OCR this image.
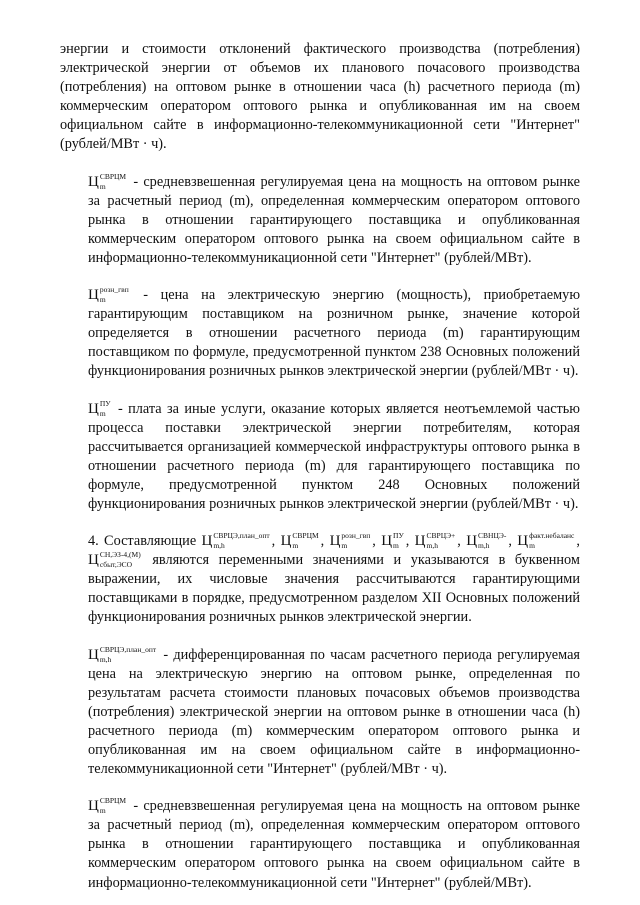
энергии и стоимости отклонений фактического производства (потребления) электрической энергии от объемов их планового почасового производства (потребления) на оптовом рынке в отношении часа (h) расчетного периода (m) коммерческим оператором оптового рынка и опубликованная им на своем официальном сайте в информационно-телекоммуникационной сети "Интернет" (рублей/МВт · ч).

Ц СВРЦМ
m	- средневзвешенная регулируемая цена на мощность на оптовом рынке за расчетный период (m), определенная коммерческим оператором оптового рынка в отношении гарантирующего поставщика и опубликованная коммерческим оператором оптового рынка на своем официальном сайте в информационно-телекоммуникационной сети "Интернет" (рублей/МВт).

Ц розн_гвп
m	- цена на электрическую энергию (мощность), приобретаемую гарантирующим поставщиком на розничном рынке, значение которой определяется в отношении расчетного периода (m) гарантирующим поставщиком по формуле, предусмотренной пунктом 238 Основных положений функционирования розничных рынков электрической энергии (рублей/МВт · ч).

Ц ПУ
m - плата за иные услуги, оказание которых является неотъемлемой частью процесса поставки электрической энергии потребителям, которая рассчитывается организацией коммерческой инфраструктуры оптового рынка в отношении расчетного периода (m) для гарантирующего поставщика по формуле, предусмотренной пунктом 248 Основных положений функционирования розничных рынков электрической энергии (рублей/МВт · ч).

4. Составляющие Ц СВРЦЭ,план_опт
m,h	, Ц СВРЦМ
m	, Ц розн_гвп
m	, Ц ПУ
m , Ц СВРЦЭ+
m,h	, Ц СВНЦЭ-
m,h	, Ц факт.небаланс
m	, Ц СН,ЭЗ-4,(М)
сбыт,ЭСО являются переменными значениями и указываются в буквенном выражении, их числовые значения рассчитываются гарантирующими поставщиками в порядке, предусмотренном разделом XII Основных положений функционирования розничных рынков электрической энергии.

Ц СВРЦЭ,план_опт
m,h	- дифференцированная по часам расчетного периода регулируемая цена на электрическую энергию на оптовом рынке, определенная по результатам расчета стоимости плановых почасовых объемов производства (потребления) электрической энергии на оптовом рынке в отношении часа (h) расчетного периода (m) коммерческим оператором оптового рынка и опубликованная им на своем официальном сайте в информационно-телекоммуникационной сети "Интернет" (рублей/МВт · ч).

Ц СВРЦМ
m	- средневзвешенная регулируемая цена на мощность на оптовом рынке за расчетный период (m), определенная коммерческим оператором оптового рынка в отношении гарантирующего поставщика и опубликованная коммерческим оператором оптового рынка на своем официальном сайте в информационно-телекоммуникационной сети "Интернет" (рублей/МВт).
